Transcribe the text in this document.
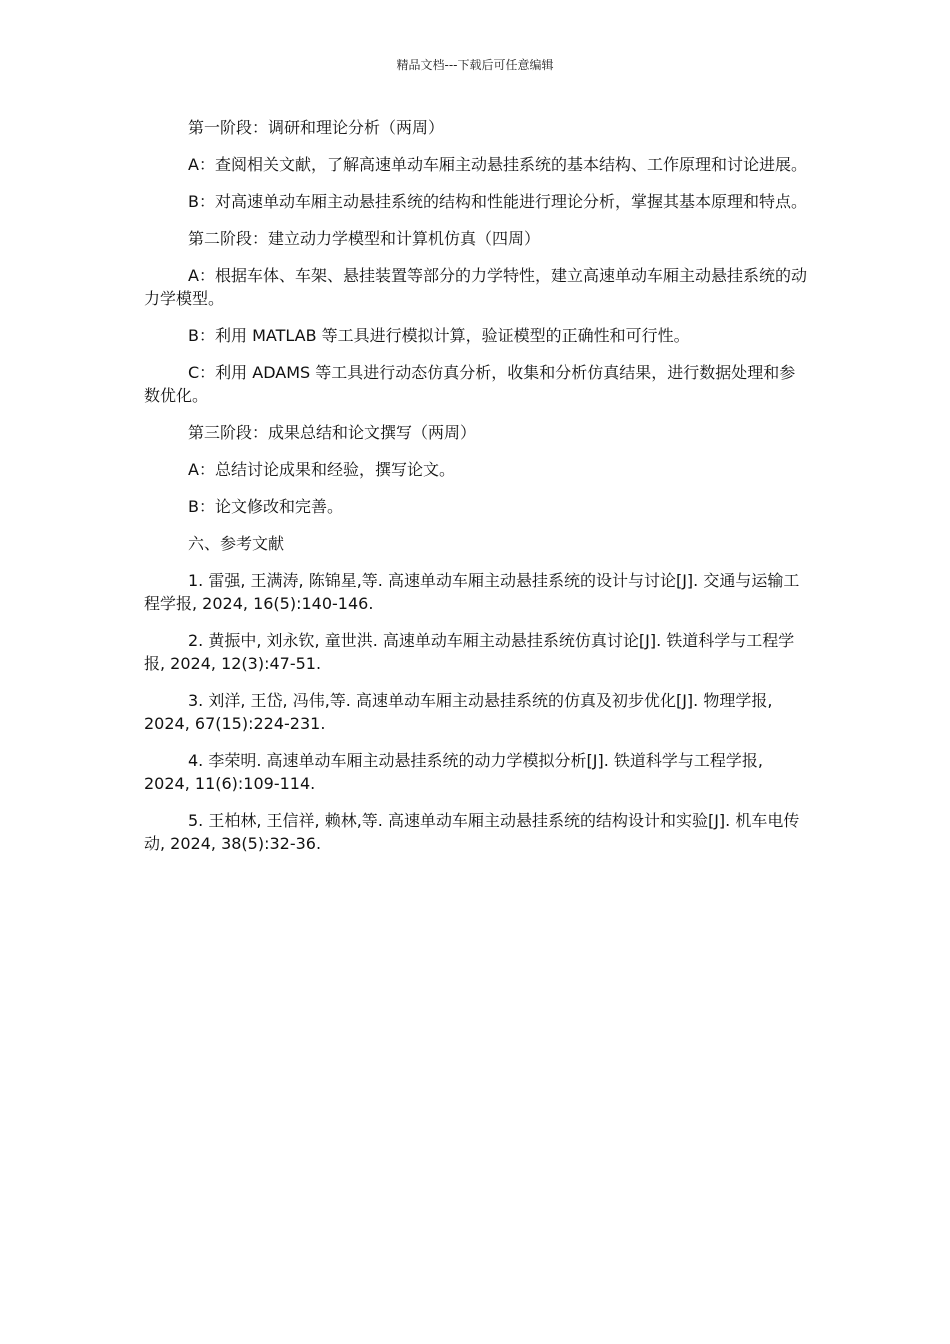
精品文档---下载后可任意编辑

第一阶段：调研和理论分析（两周）

A：查阅相关文献，了解高速单动车厢主动悬挂系统的基本结构、工作原理和讨论进展。

B：对高速单动车厢主动悬挂系统的结构和性能进行理论分析，掌握其基本原理和特点。

第二阶段：建立动力学模型和计算机仿真（四周）

A：根据车体、车架、悬挂装置等部分的力学特性，建立高速单动车厢主动悬挂系统的动力学模型。

B：利用 MATLAB 等工具进行模拟计算，验证模型的正确性和可行性。

C：利用 ADAMS 等工具进行动态仿真分析，收集和分析仿真结果，进行数据处理和参数优化。

第三阶段：成果总结和论文撰写（两周）

A：总结讨论成果和经验，撰写论文。

B：论文修改和完善。

六、参考文献

1. 雷强, 王满涛, 陈锦星,等. 高速单动车厢主动悬挂系统的设计与讨论[J]. 交通与运输工程学报, 2024, 16(5):140-146.

2. 黄振中, 刘永钦, 童世洪. 高速单动车厢主动悬挂系统仿真讨论[J]. 铁道科学与工程学报, 2024, 12(3):47-51.

3. 刘洋, 王岱, 冯伟,等. 高速单动车厢主动悬挂系统的仿真及初步优化[J]. 物理学报, 2024, 67(15):224-231.

4. 李荣明. 高速单动车厢主动悬挂系统的动力学模拟分析[J]. 铁道科学与工程学报, 2024, 11(6):109-114.

5. 王柏林, 王信祥, 赖林,等. 高速单动车厢主动悬挂系统的结构设计和实验[J]. 机车电传动, 2024, 38(5):32-36.
